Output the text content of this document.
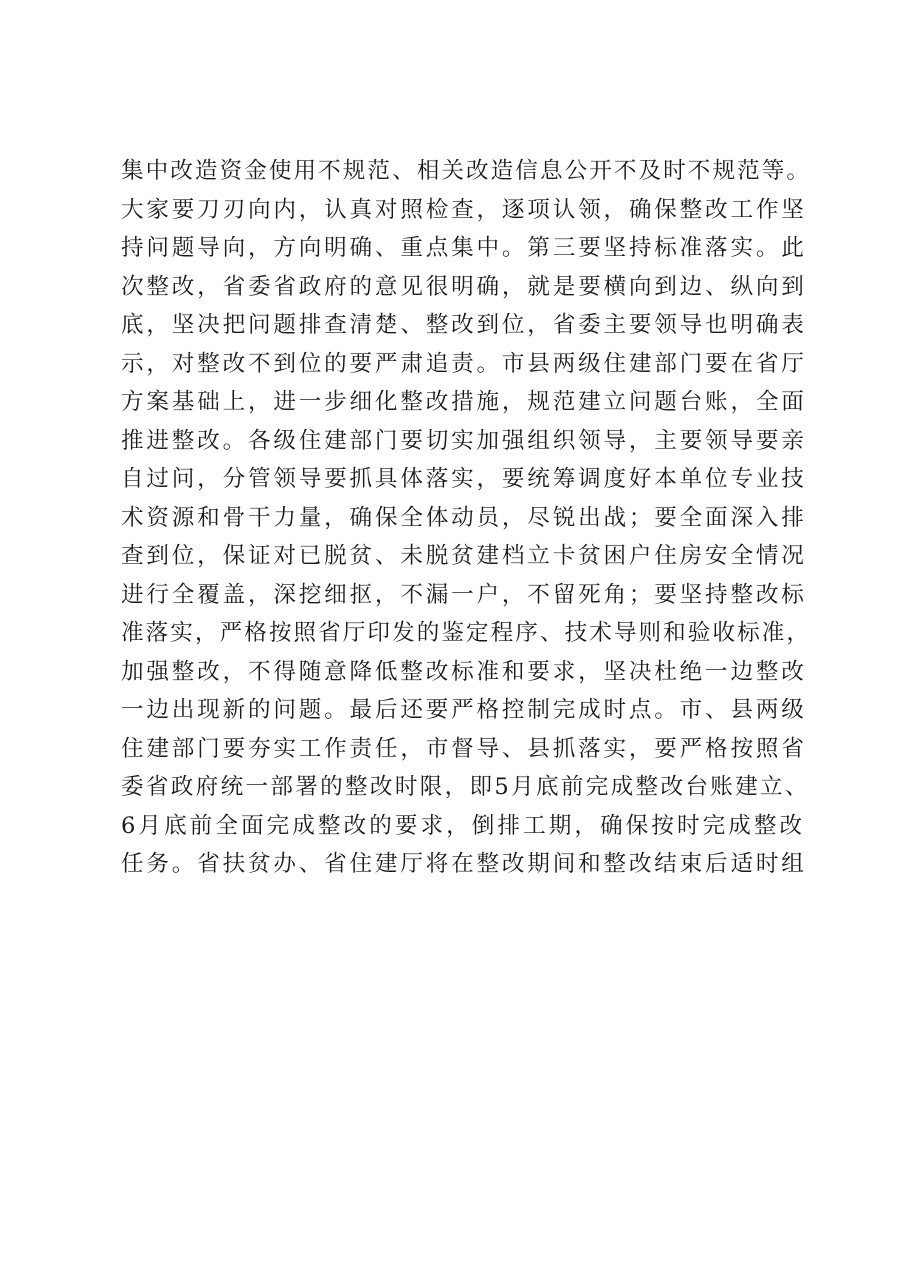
集中改造资金使用不规范、相关改造信息公开不及时不规范等。
大家要刀刃向内，认真对照检查，逐项认领，确保整改工作坚
持问题导向，方向明确、重点集中。第三要坚持标准落实。此
次整改，省委省政府的意见很明确，就是要横向到边、纵向到
底，坚决把问题排查清楚、整改到位，省委主要领导也明确表
示，对整改不到位的要严肃追责。市县两级住建部门要在省厅
方案基础上，进一步细化整改措施，规范建立问题台账，全面
推进整改。各级住建部门要切实加强组织领导，主要领导要亲
自过问，分管领导要抓具体落实，要统筹调度好本单位专业技
术资源和骨干力量，确保全体动员，尽锐出战；要全面深入排
查到位，保证对已脱贫、未脱贫建档立卡贫困户住房安全情况
进行全覆盖，深挖细抠，不漏一户，不留死角；要坚持整改标
准落实，严格按照省厅印发的鉴定程序、技术导则和验收标准，
加强整改，不得随意降低整改标准和要求，坚决杜绝一边整改
一边出现新的问题。最后还要严格控制完成时点。市、县两级
住建部门要夯实工作责任，市督导、县抓落实，要严格按照省
委省政府统一部署的整改时限，即5月底前完成整改台账建立、
6月底前全面完成整改的要求，倒排工期，确保按时完成整改
任务。省扶贫办、省住建厅将在整改期间和整改结束后适时组
